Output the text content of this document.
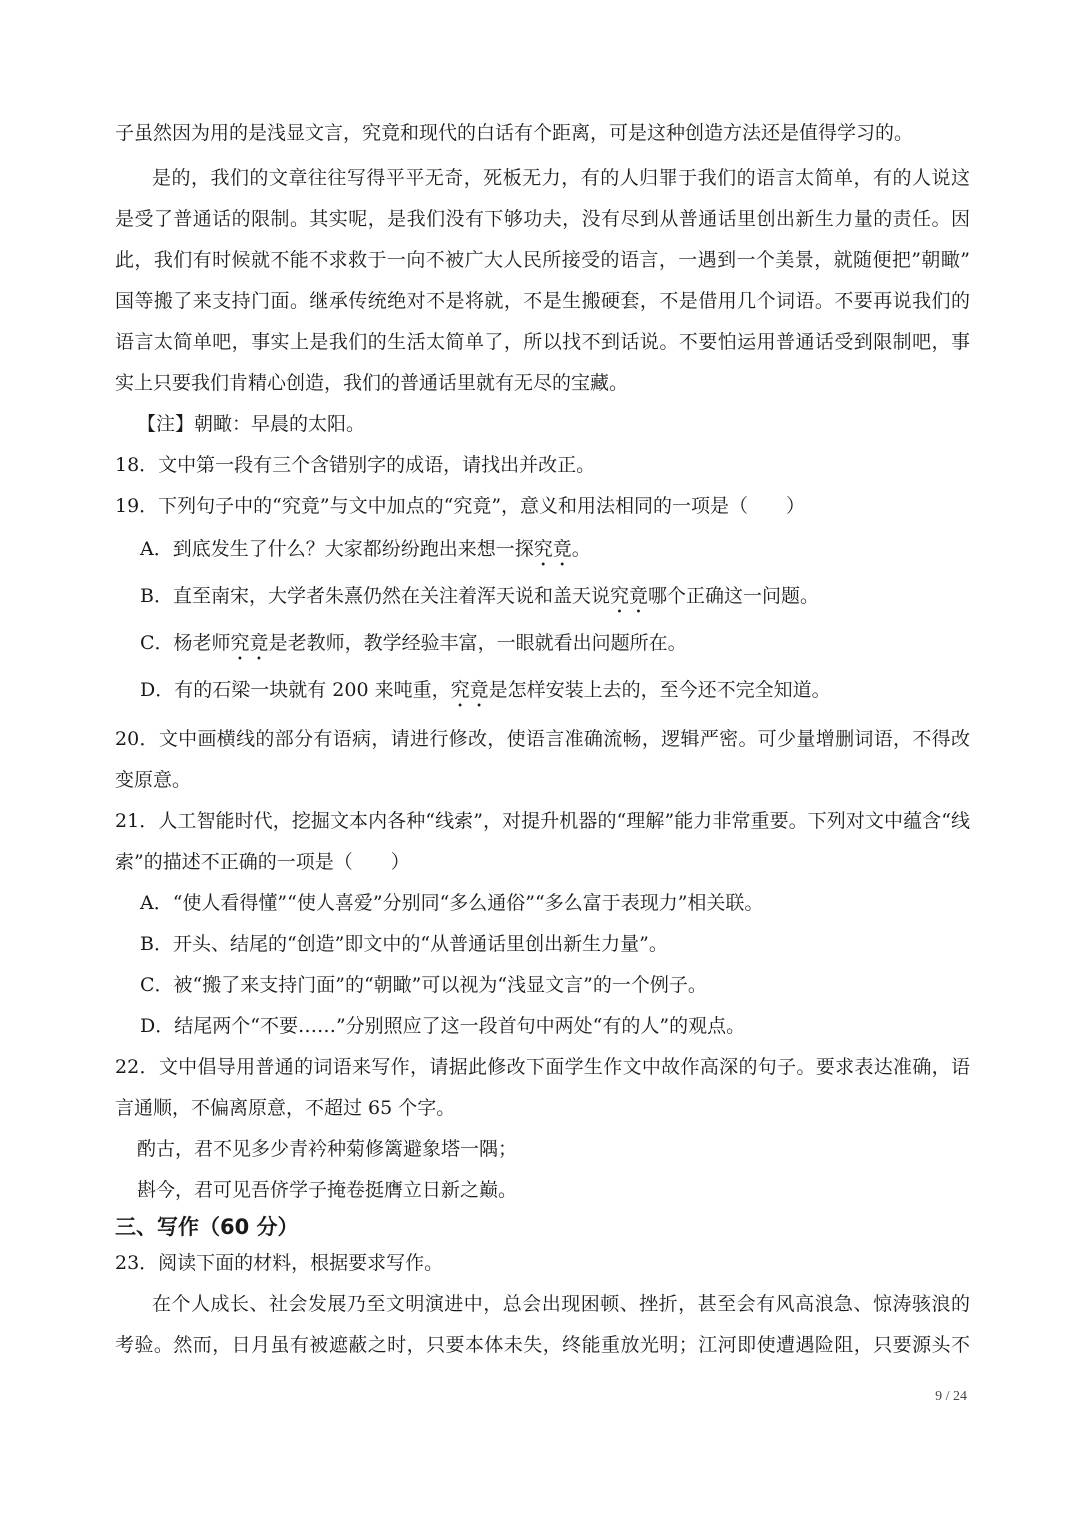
子虽然因为用的是浅显文言，究竟和现代的白话有个距离，可是这种创造方法还是值得学习的。
是的，我们的文章往往写得平平无奇，死板无力，有的人归罪于我们的语言太简单，有的人说这
是受了普通话的限制。其实呢，是我们没有下够功夫，没有尽到从普通话里创出新生力量的责任。因
此，我们有时候就不能不求救于一向不被广大人民所接受的语言，一遇到一个美景，就随便把”朝瞰”
国等搬了来支持门面。继承传统绝对不是将就，不是生搬硬套，不是借用几个词语。不要再说我们的
语言太简单吧，事实上是我们的生活太简单了，所以找不到话说。不要怕运用普通话受到限制吧，事
实上只要我们肯精心创造，我们的普通话里就有无尽的宝藏。
【注】朝瞰：早晨的太阳。
18．文中第一段有三个含错别字的成语，请找出并改正。
19．下列句子中的“究竟”与文中加点的“究竟”，意义和用法相同的一项是（　　）
A．到底发生了什么？大家都纷纷跑出来想一探究竟。
B．直至南宋，大学者朱熹仍然在关注着浑天说和盖天说究竟哪个正确这一问题。
C．杨老师究竟是老教师，教学经验丰富，一眼就看出问题所在。
D．有的石梁一块就有 200 来吨重，究竟是怎样安装上去的，至今还不完全知道。
20．文中画横线的部分有语病，请进行修改，使语言准确流畅，逻辑严密。可少量增删词语，不得改
变原意。
21．人工智能时代，挖掘文本内各种“线索”，对提升机器的“理解”能力非常重要。下列对文中蕴含“线
索”的描述不正确的一项是（　　）
A．“使人看得懂”“使人喜爱”分别同“多么通俗”“多么富于表现力”相关联。
B．开头、结尾的“创造”即文中的“从普通话里创出新生力量”。
C．被“搬了来支持门面”的“朝瞰”可以视为“浅显文言”的一个例子。
D．结尾两个“不要……”分别照应了这一段首句中两处“有的人”的观点。
22．文中倡导用普通的词语来写作，请据此修改下面学生作文中故作高深的句子。要求表达准确，语
言通顺，不偏离原意，不超过 65 个字。
酌古，君不见多少青衿种菊修篱避象塔一隅；
斟今，君可见吾侪学子掩卷挺膺立日新之巅。
三、写作（60 分）
23．阅读下面的材料，根据要求写作。
在个人成长、社会发展乃至文明演进中，总会出现困顿、挫折，甚至会有风高浪急、惊涛骇浪的
考验。然而，日月虽有被遮蔽之时，只要本体未失，终能重放光明；江河即使遭遇险阻，只要源头不
9 / 24
